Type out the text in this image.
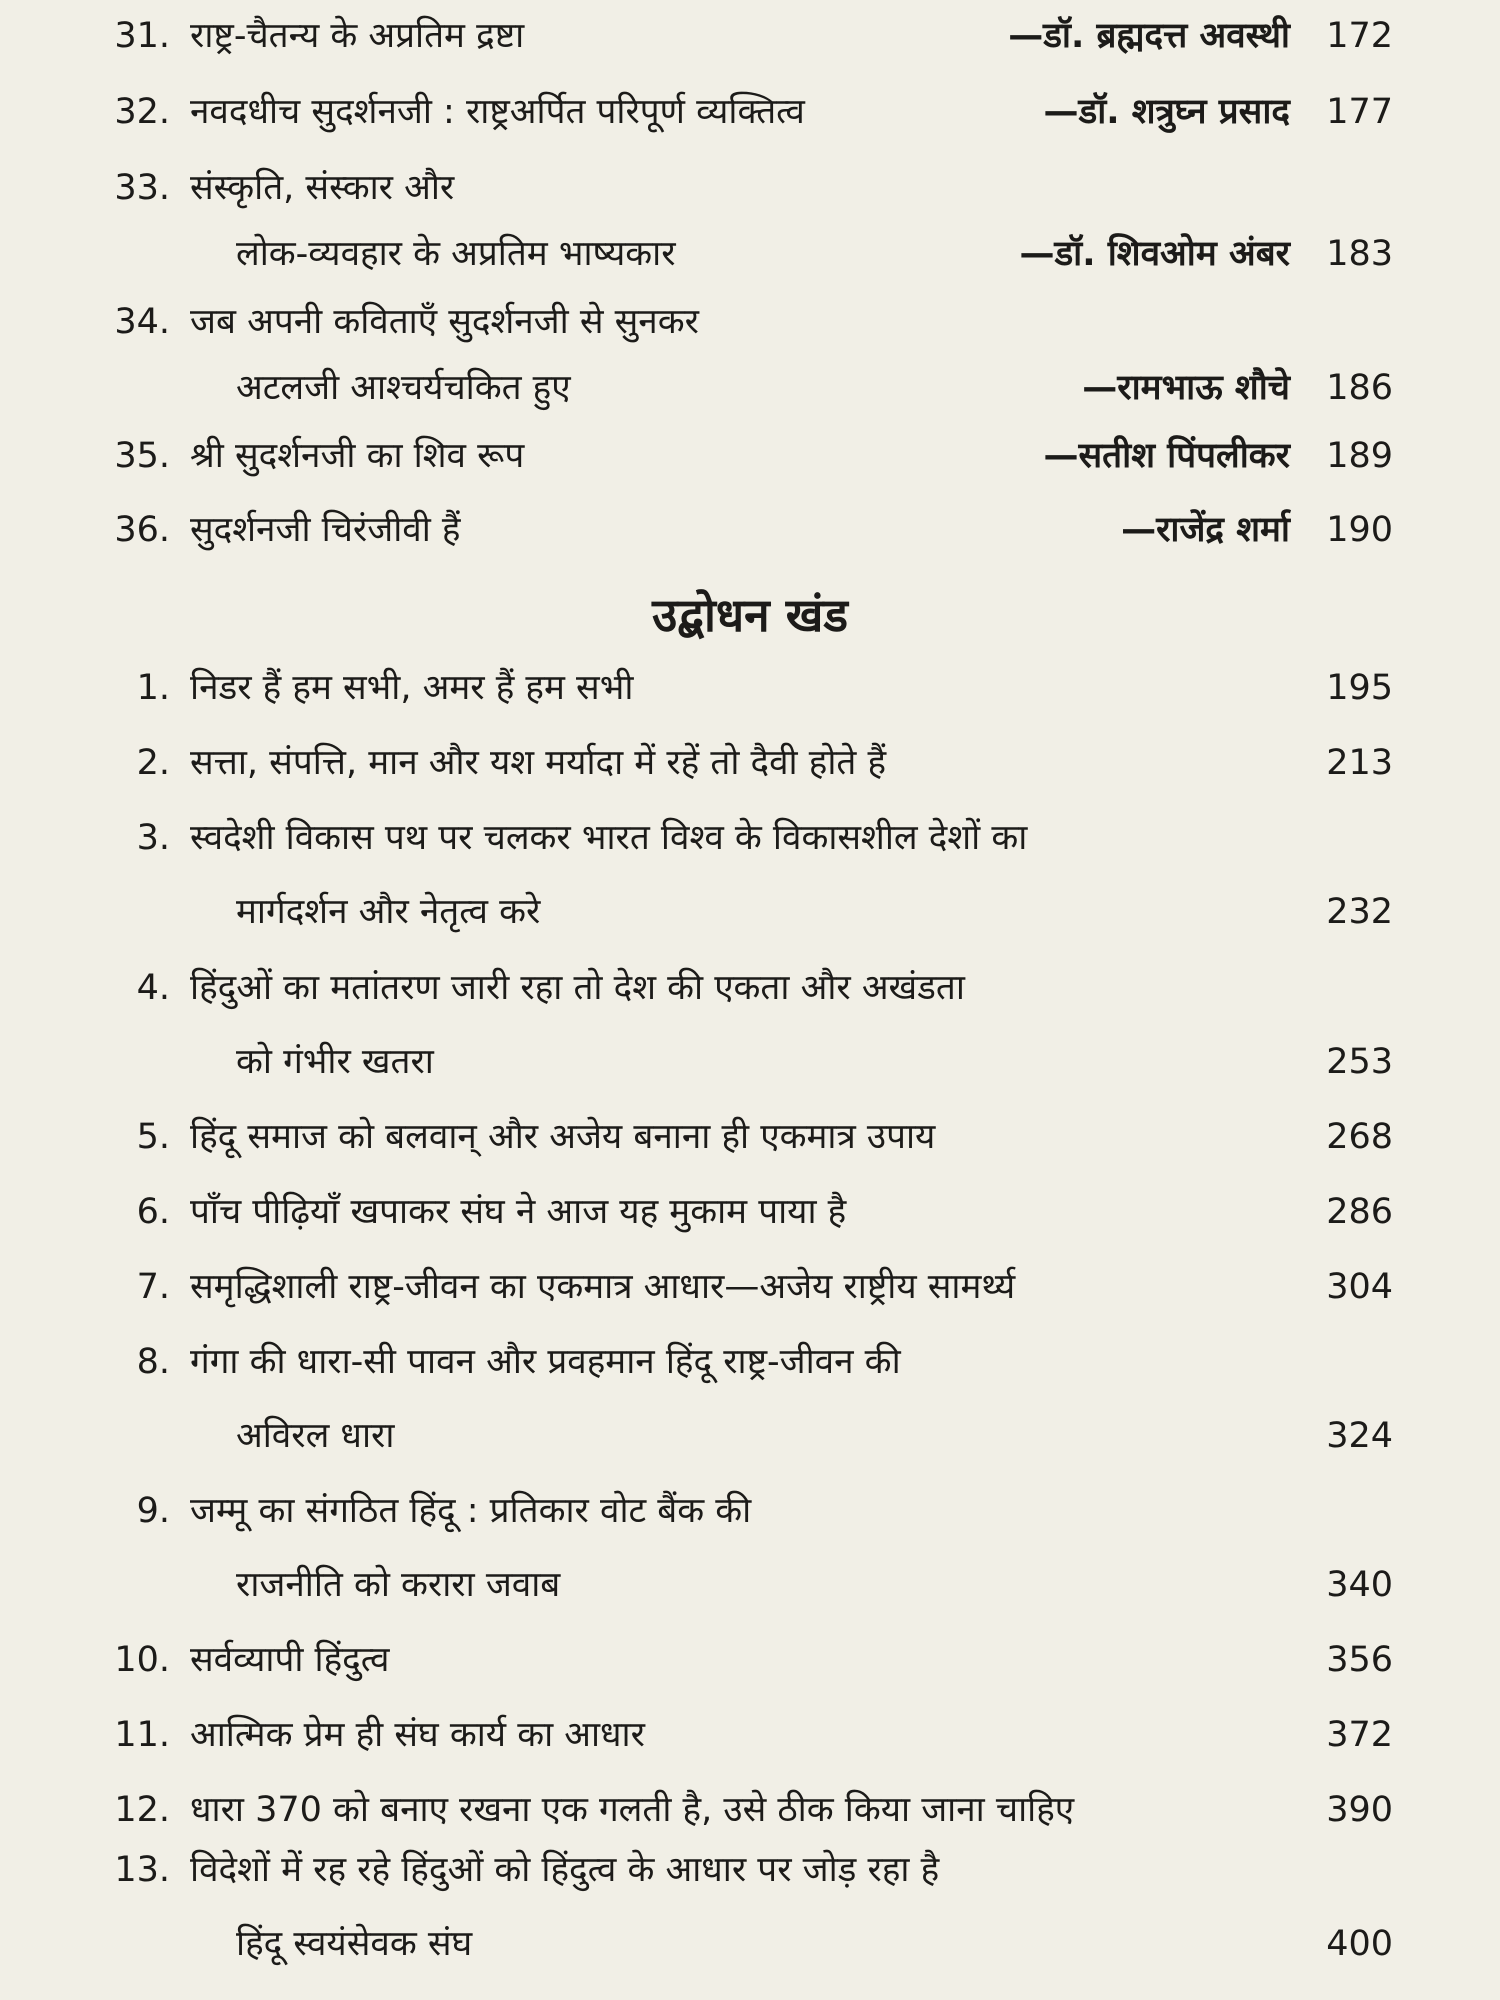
31. राष्ट्र-चैतन्य के अप्रतिम द्रष्टा	—डॉ. ब्रह्मदत्त अवस्थी 172
32. नवदधीच सुदर्शनजी : राष्ट्रअर्पित परिपूर्ण व्यक्तित्व	—डॉ. शत्रुघ्न प्रसाद 177
33. संस्कृति, संस्कार और
लोक-व्यवहार के अप्रतिम भाष्यकार	—डॉ. शिवओम अंबर 183
34. जब अपनी कविताएँ सुदर्शनजी से सुनकर
अटलजी आश्चर्यचकित हुए	—रामभाऊ शौचे 186
35. श्री सुदर्शनजी का शिव रूप	—सतीश पिंपलीकर 189
36. सुदर्शनजी चिरंजीवी हैं	—राजेंद्र शर्मा 190
उद्बोधन खंड
1. निडर हैं हम सभी, अमर हैं हम सभी	195
2. सत्ता, संपत्ति, मान और यश मर्यादा में रहें तो दैवी होते हैं	213
3. स्वदेशी विकास पथ पर चलकर भारत विश्व के विकासशील देशों का
मार्गदर्शन और नेतृत्व करे	232
4. हिंदुओं का मतांतरण जारी रहा तो देश की एकता और अखंडता
को गंभीर खतरा	253
5. हिंदू समाज को बलवान् और अजेय बनाना ही एकमात्र उपाय	268
6. पाँच पीढ़ियाँ खपाकर संघ ने आज यह मुकाम पाया है	286
7. समृद्धिशाली राष्ट्र-जीवन का एकमात्र आधार—अजेय राष्ट्रीय सामर्थ्य	304
8. गंगा की धारा-सी पावन और प्रवहमान हिंदू राष्ट्र-जीवन की
अविरल धारा	324
9. जम्मू का संगठित हिंदू : प्रतिकार वोट बैंक की
राजनीति को करारा जवाब	340
10. सर्वव्यापी हिंदुत्व	356
11. आत्मिक प्रेम ही संघ कार्य का आधार	372
12. धारा 370 को बनाए रखना एक गलती है, उसे ठीक किया जाना चाहिए	390
13. विदेशों में रह रहे हिंदुओं को हिंदुत्व के आधार पर जोड़ रहा है
हिंदू स्वयंसेवक संघ	400
